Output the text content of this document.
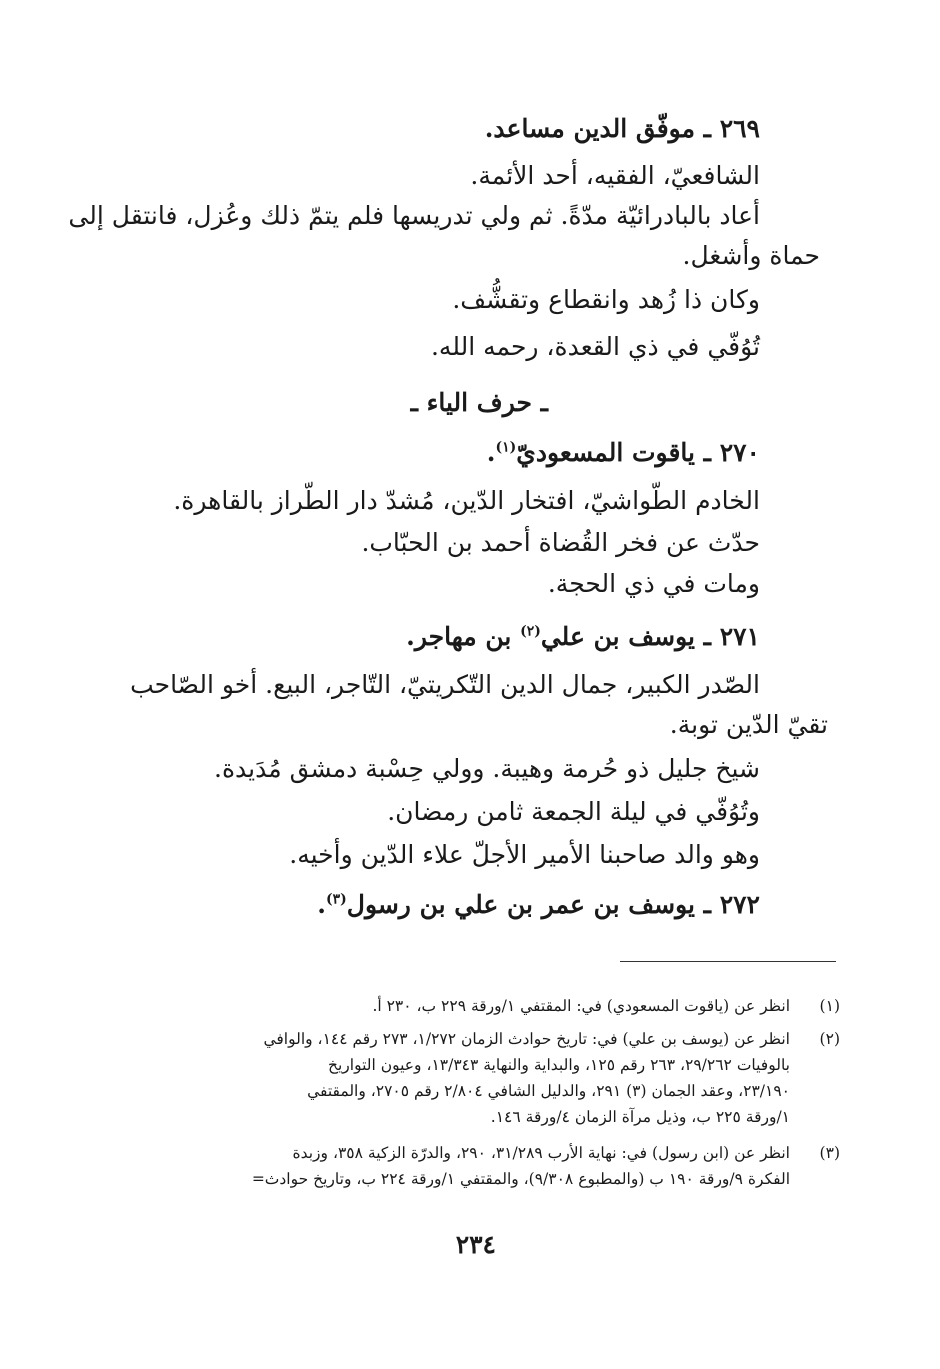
٢٦٩ ـ موفّق الدين مساعد.
الشافعيّ، الفقيه، أحد الأئمة.
أعاد بالبادرائيّة مدّةً. ثم ولي تدريسها فلم يتمّ ذلك وعُزل، فانتقل إلى
حماة وأشغل.
وكان ذا زُهد وانقطاع وتقشُّف.
تُوُفّي في ذي القعدة، رحمه الله.
ـ حرف الياء ـ
٢٧٠ ـ ياقوت المسعوديّ$^{(١)}$.
الخادم الطّواشيّ، افتخار الدّين، مُشدّ دار الطّراز بالقاهرة.
حدّث عن فخر القُضاة أحمد بن الحبّاب.
ومات في ذي الحجة.
٢٧١ ـ يوسف بن علي$^{(٢)}$ بن مهاجر.
الصّدر الكبير، جمال الدين التّكريتيّ، التّاجر، البيع. أخو الصّاحب
تقيّ الدّين توبة.
شيخ جليل ذو حُرمة وهيبة. وولي حِسْبة دمشق مُدَيدة.
وتُوُفّي في ليلة الجمعة ثامن رمضان.
وهو والد صاحبنا الأمير الأجلّ علاء الدّين وأخيه.
٢٧٢ ـ يوسف بن عمر بن علي بن رسول$^{(٣)}$.
(١)
انظر عن (ياقوت المسعودي) في: المقتفي ١/ورقة ٢٢٩ ب، ٢٣٠ أ.
(٢)
انظر عن (يوسف بن علي) في: تاريخ حوادث الزمان ١/٢٧٢، ٢٧٣ رقم ١٤٤، والوافي
بالوفيات ٢٩/٢٦٢، ٢٦٣ رقم ١٢٥، والبداية والنهاية ١٣/٣٤٣، وعيون التواريخ
٢٣/١٩٠، وعقد الجمان (٣) ٢٩١، والدليل الشافي ٢/٨٠٤ رقم ٢٧٠٥، والمقتفي
١/ورقة ٢٢٥ ب، وذيل مرآة الزمان ٤/ورقة ١٤٦.
(٣)
انظر عن (ابن رسول) في: نهاية الأرب ٣١/٢٨٩، ٢٩٠، والدرّة الزكية ٣٥٨، وزبدة
الفكرة ٩/ورقة ١٩٠ ب (والمطبوع ٩/٣٠٨)، والمقتفي ١/ورقة ٢٢٤ ب، وتاريخ حوادث=
٢٣٤
